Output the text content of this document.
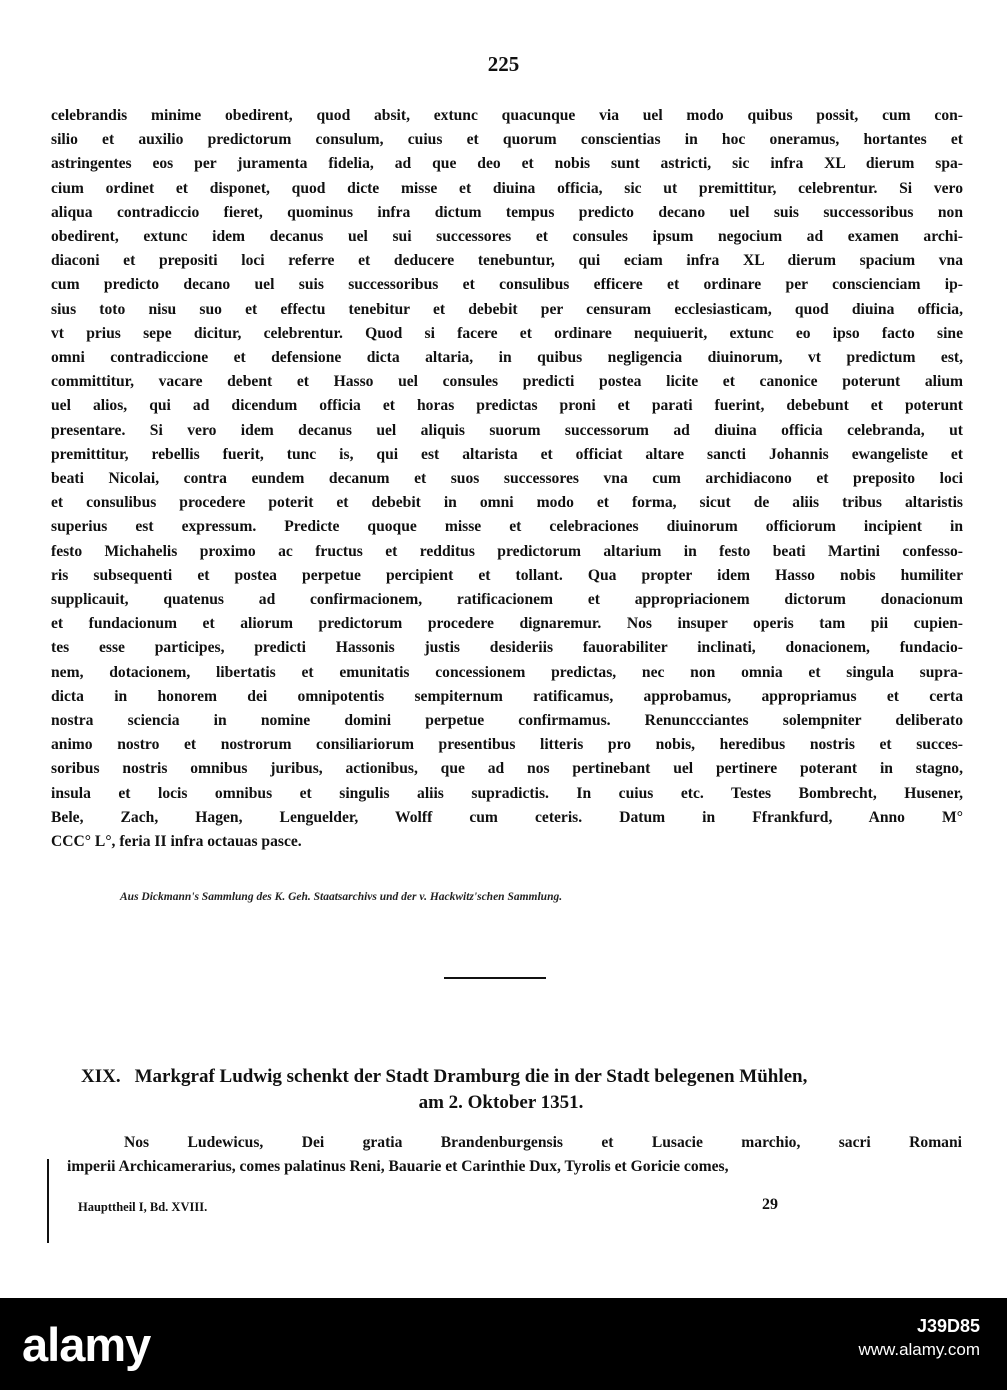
225
celebrandis minime obedirent, quod absit, extunc quacunque via uel modo quibus possit, cum con-
silio et auxilio predictorum consulum, cuius et quorum conscientias in hoc oneramus, hortantes et
astringentes eos per juramenta fidelia, ad que deo et nobis sunt astricti, sic infra XL dierum spa-
cium ordinet et disponet, quod dicte misse et diuina officia, sic ut premittitur, celebrentur. Si vero
aliqua contradiccio fieret, quominus infra dictum tempus predicto decano uel suis successoribus non
obedirent, extunc idem decanus uel sui successores et consules ipsum negocium ad examen archi-
diaconi et prepositi loci referre et deducere tenebuntur, qui eciam infra XL dierum spacium vna
cum predicto decano uel suis successoribus et consulibus efficere et ordinare per conscienciam ip-
sius toto nisu suo et effectu tenebitur et debebit per censuram ecclesiasticam, quod diuina officia,
vt prius sepe dicitur, celebrentur. Quod si facere et ordinare nequiuerit, extunc eo ipso facto sine
omni contradiccione et defensione dicta altaria, in quibus negligencia diuinorum, vt predictum est,
committitur, vacare debent et Hasso uel consules predicti postea licite et canonice poterunt alium
uel alios, qui ad dicendum officia et horas predictas proni et parati fuerint, debebunt et poterunt
presentare. Si vero idem decanus uel aliquis suorum successorum ad diuina officia celebranda, ut
premittitur, rebellis fuerit, tunc is, qui est altarista et officiat altare sancti Johannis ewangeliste et
beati Nicolai, contra eundem decanum et suos successores vna cum archidiacono et preposito loci
et consulibus procedere poterit et debebit in omni modo et forma, sicut de aliis tribus altaristis
superius est expressum. Predicte quoque misse et celebraciones diuinorum officiorum incipient in
festo Michahelis proximo ac fructus et redditus predictorum altarium in festo beati Martini confesso-
ris subsequenti et postea perpetue percipient et tollant. Qua propter idem Hasso nobis humiliter
supplicauit, quatenus ad confirmacionem, ratificacionem et appropriacionem dictorum donacionum
et fundacionum et aliorum predictorum procedere dignaremur. Nos insuper operis tam pii cupien-
tes esse participes, predicti Hassonis justis desideriis fauorabiliter inclinati, donacionem, fundacio-
nem, dotacionem, libertatis et emunitatis concessionem predictas, nec non omnia et singula supra-
dicta in honorem dei omnipotentis sempiternum ratificamus, approbamus, appropriamus et certa
nostra sciencia in nomine domini perpetue confirmamus. Renunccciantes solempniter deliberato
animo nostro et nostrorum consiliariorum presentibus litteris pro nobis, heredibus nostris et succes-
soribus nostris omnibus juribus, actionibus, que ad nos pertinebant uel pertinere poterant in stagno,
insula et locis omnibus et singulis aliis supradictis. In cuius etc. Testes Bombrecht, Husener,
Bele, Zach, Hagen, Lenguelder, Wolff cum ceteris. Datum in Ffrankfurd, Anno M°
CCC° L°, feria II infra octauas pasce.
Aus Dickmann's Sammlung des K. Geh. Staatsarchivs und der v. Hackwitz'schen Sammlung.
XIX. Markgraf Ludwig schenkt der Stadt Dramburg die in der Stadt belegenen Mühlen,
am 2. Oktober 1351.
Nos Ludewicus, Dei gratia Brandenburgensis et Lusacie marchio, sacri Romani
imperii Archicamerarius, comes palatinus Reni, Bauarie et Carinthie Dux, Tyrolis et Goricie comes,
Haupttheil I, Bd. XVIII.	29
alamy	J39D85
www.alamy.com
